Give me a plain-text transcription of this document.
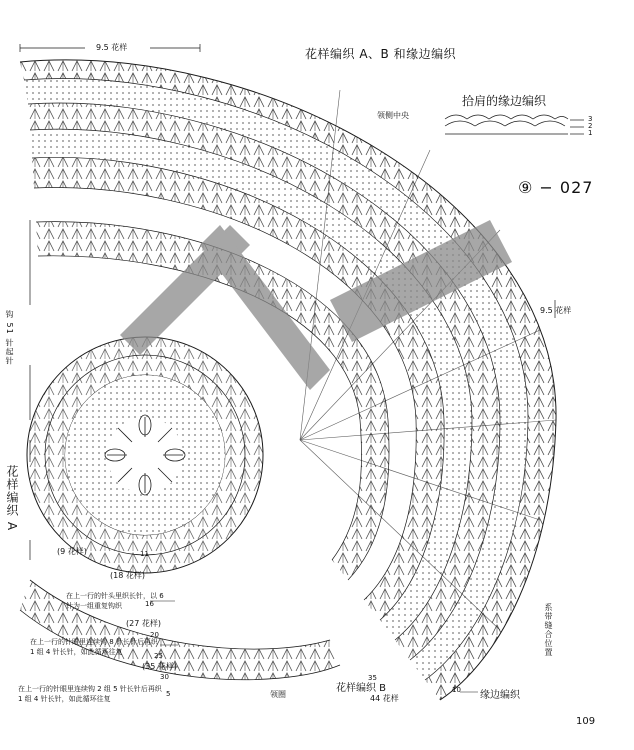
花样编织 A、B 和缘边编织
拾肩的缘边编织
⑨ − 027
9.5 花样
领侧中央
9.5 花样
钩 51 针起针
花样编织 A
系带缝合位置
(9 花样)
(18 花样)
(27 花样)
(35 花样)
在上一行的针头里织长针，以 6 针为一组重复钩织
在上一行的针眼里连续钩 8 针长针后再织 1 组 4 针长针，如此循环往复
在上一行的针眼里连续钩 2 组 5 针长针后再织 1 组 4 针长针，如此循环往复	领圈
花样编织 B
44 花样	缘边编织
3
2
1
11
16
20
25
30
5
35
10
109
